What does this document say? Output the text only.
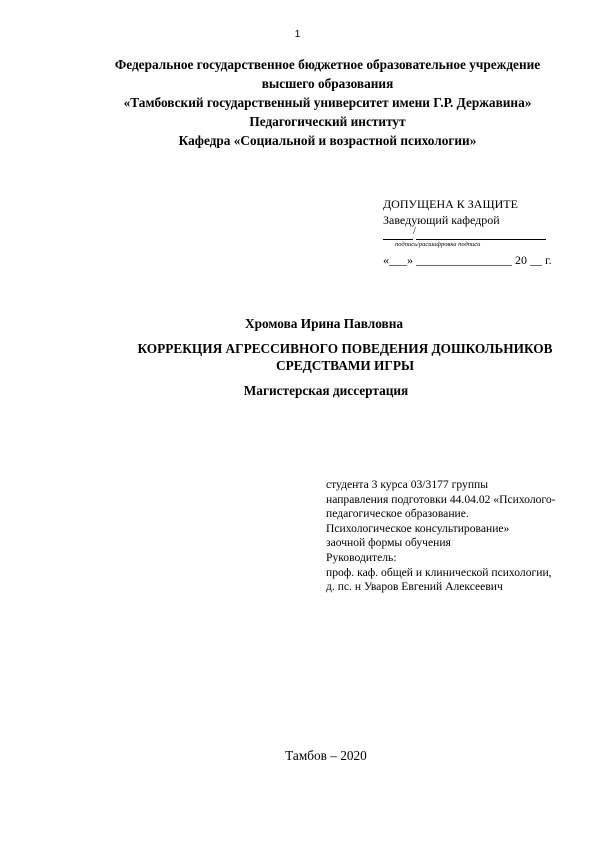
1
Федеральное государственное бюджетное образовательное учреждение
высшего образования
«Тамбовский государственный университет имени Г.Р. Державина»
Педагогический институт
Кафедра «Социальной и возрастной психологии»
ДОПУЩЕНА К ЗАЩИТЕ
Заведующий кафедрой
/
подпись/расшифровка подписи
«___» ________________ 20 __ г.
Хромова Ирина Павловна
КОРРЕКЦИЯ АГРЕССИВНОГО ПОВЕДЕНИЯ ДОШКОЛЬНИКОВ
СРЕДСТВАМИ ИГРЫ
Магистерская диссертация
студента 3 курса 03/3177 группы
направления подготовки 44.04.02 «Психолого-
педагогическое образование.
Психологическое консультирование»
заочной формы обучения
Руководитель:
проф. каф. общей и клинической психологии,
д. пс. н Уваров Евгений Алексеевич
Тамбов – 2020
